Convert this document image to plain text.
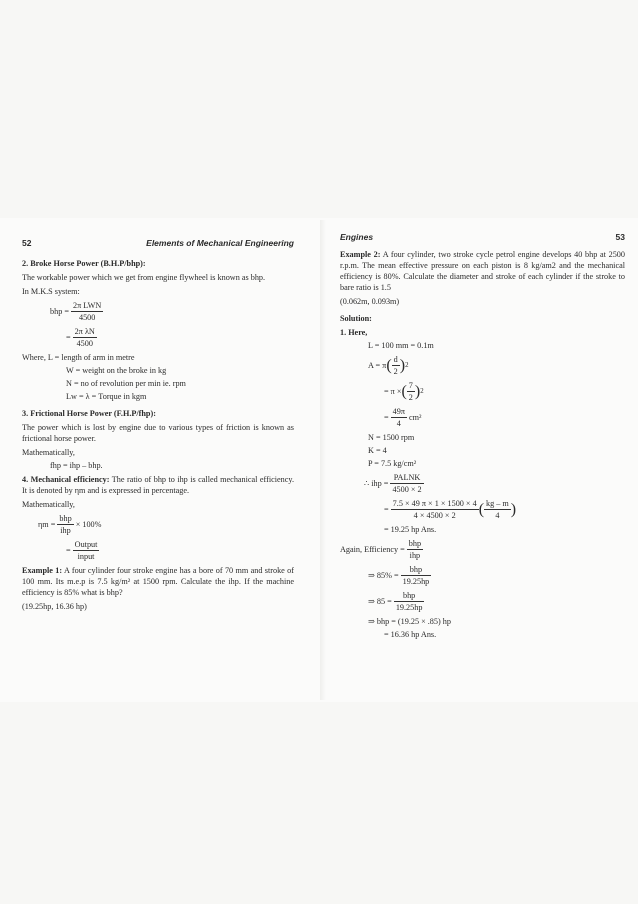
52	Elements of Mechanical Engineering
2. Broke Horse Power (B.H.P/bhp):

The workable power which we get from engine flywheel is known as bhp.

In M.K.S system:
bhp =
$\frac{\text{2π LWN}}{4500}$
=
$\frac{\text{2π λN}}{4500}$
Where, L = length of arm in metre
W = weight on the broke in kg
N = no of revolution per min ie. rpm
Lw = λ = Torque in kgm
3. Frictional Horse Power (F.H.P/fhp):

The power which is lost by engine due to various types of friction is known as frictional horse power.

Mathematically,
fhp = ihp – bhp.

4. Mechanical efficiency: The ratio of bhp to ihp is called mechanical efficiency. It is denoted by ηm and is expressed in percentage.

Mathematically,
ηm =
$\frac{\text{bhp}}{\text{ihp}}$
× 100%
=
$\frac{\text{Output}}{\text{input}}$

Example 1: A four cylinder four stroke engine has a bore of 70 mm and stroke of 100 mm. Its m.e.p is 7.5 kg/m² at 1500 rpm. Calculate the ihp. If the machine efficiency is 85% what is bhp?

(19.25hp, 16.36 hp)
Engines	53

Example 2: A four cylinder, two stroke cycle petrol engine develops 40 bhp at 2500 r.p.m. The mean effective pressure on each piston is 8 kg/am2 and the mechanical efficiency is 80%. Calculate the diameter and stroke of each cylinder if the stroke to bare ratio is 1.5

(0.062m, 0.093m)
Solution:
1. Here,
L = 100 mm = 0.1m
A = π ( $\frac{d}{2}$ ) 2
= π × ( $\frac{7}{2}$ ) 2
=
$\frac{49\pi}{4}$
cm²
N = 1500 rpm
K = 4
P = 7.5 kg/cm²
∴ ihp =
$\frac{\text{PALNK}}{4500 \times 2}$
=
$\frac{7.5 \times 49 \pi \times 1 \times 1500 \times 4}{4 \times 4500 \times 2}$ ( $\frac{kg - m}{4}$ )
= 19.25 hp Ans.
Again, Efficiency =
$\frac{\text{bhp}}{\text{ihp}}$
⇒ 85% =
$\frac{\text{bhp}}{19.25hp}$
⇒ 85 =
$\frac{\text{bhp}}{19.25hp}$
⇒ bhp = (19.25 × .85) hp
= 16.36 hp Ans.
